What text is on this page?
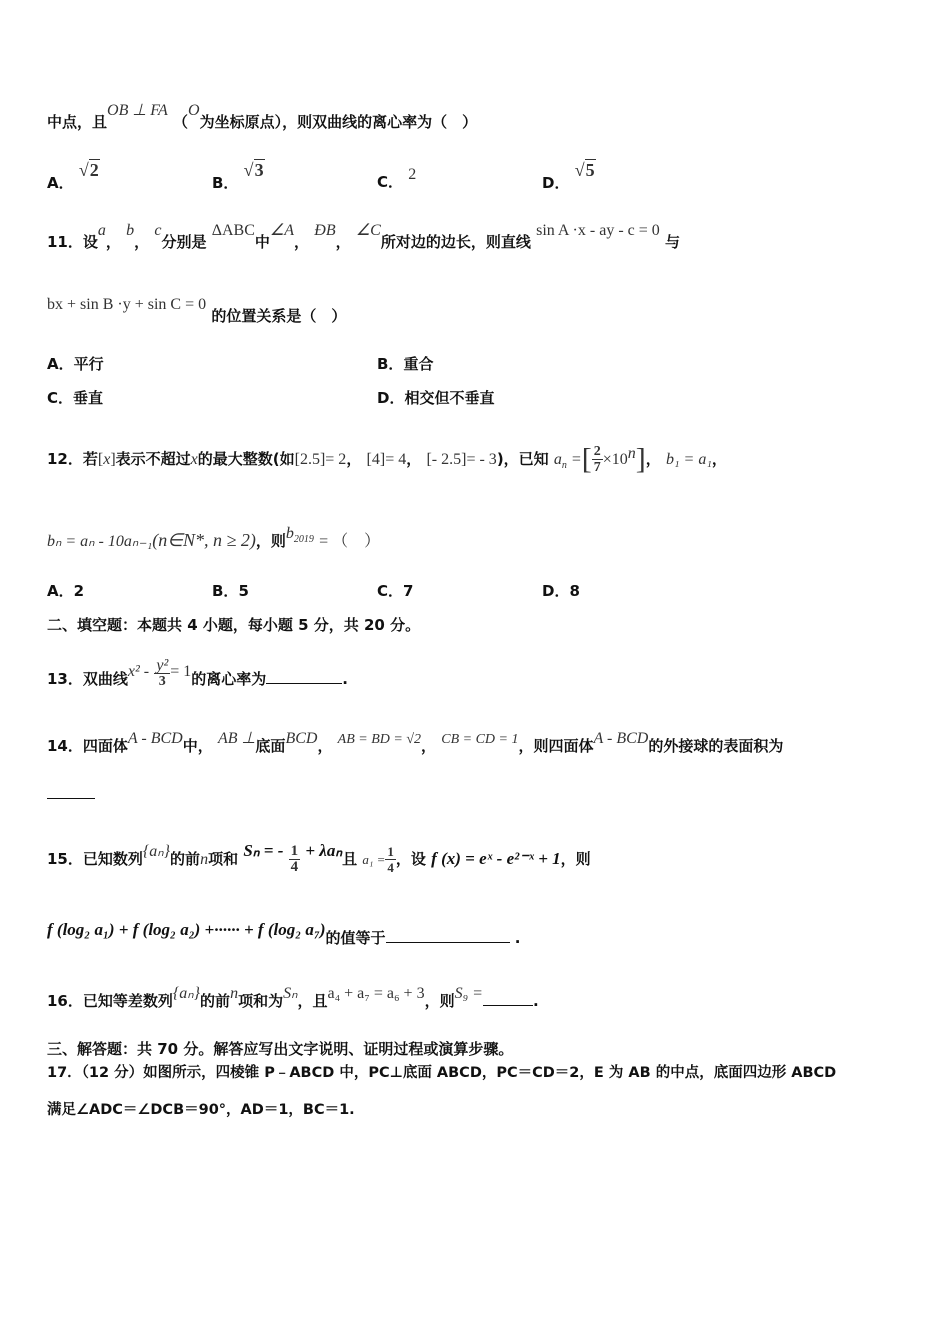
中点，且OB ⊥ FA （O为坐标原点），则双曲线的离心率为（　）
A． √2
B． √3
C． 2	D． √5
11．设a， b， c分别是 ΔABC中∠A， ÐB， ∠C所对边的边长，则直线 sin A ·x - ay - c = 0 与
bx + sin B ·y + sin C = 0 的位置关系是（　）
A．平行	B．重合
C．垂直	D．相交但不垂直
12．若[x]表示不超过x的最大整数(如[2.5]= 2， [4]= 4， [- 2.5]= - 3)，已知 $a_n$ =[ $\frac{2}{7} \times 10^n$]， b₁ = a₁，
bₙ = aₙ - 10aₙ₋₁(n∈N*, n ≥ 2)，则$b_{2019}$ = （　）
A．2	B．5	C．7	D．8
二、填空题：本题共 4 小题，每小题 5 分，共 20 分。
13．双曲线$x^2 - \frac{\text{y²}}{3} = 1$的离心率为	.
14．四面体A - BCD中， AB ⊥底面BCD， AB = BD = √2， CB = CD = 1，则四面体A - BCD的外接球的表面积为
15．已知数列{aₙ}的前n项和 Sₙ = - $\frac{1}{4} + \lambda a_n$且 $a_1 = \frac{1}{4}$ ，设 f (x) = eˣ - e²⁻ˣ + 1，则
f (log₂ a₁) + f (log₂ a₂) +······ + f (log₂ a₇)的值等于	.
16．已知等差数列{aₙ}的前n项和为Sₙ，且a₄ + a₇ = a₆ + 3，则S₉ =	.
三、解答题：共 70 分。解答应写出文字说明、证明过程或演算步骤。
17．（12 分）如图所示，四棱锥 P﹣ABCD 中，PC⊥底面 ABCD，PC＝CD＝2，E 为 AB 的中点，底面四边形 ABCD
满足∠ADC＝∠DCB＝90°，AD＝1，BC＝1.
